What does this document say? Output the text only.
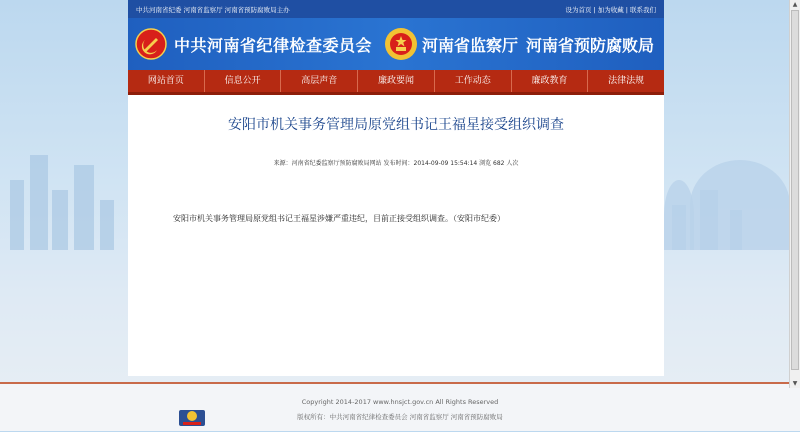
中共河南省纪委 河南省监察厅 河南省预防腐败局主办	设为首页 | 加为收藏 | 联系我们
中共河南省纪律检查委员会	河南省监察厅 河南省预防腐败局
网站首页	信息公开	高层声音	廉政要闻	工作动态	廉政教育	法律法规
安阳市机关事务管理局原党组书记王福星接受组织调查
来源：河南省纪委监察厅预防腐败局网站 发布时间：2014-09-09 15:54:14 浏览 682 人次
安阳市机关事务管理局原党组书记王福星涉嫌严重违纪，目前正接受组织调查。（安阳市纪委）
Copyright 2014-2017 www.hnsjct.gov.cn All Rights Reserved
版权所有：中共河南省纪律检查委员会 河南省监察厅 河南省预防腐败局
▲
▼
